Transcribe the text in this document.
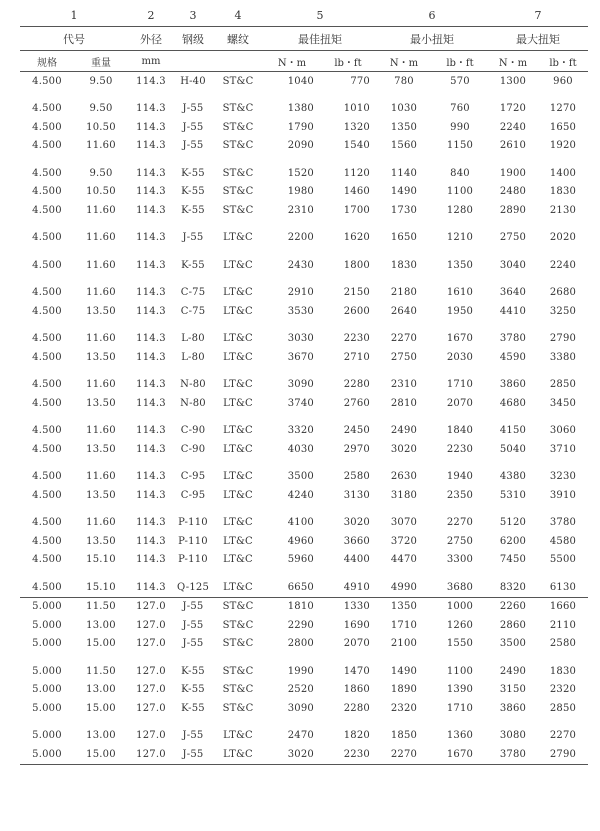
1		2	3	4	5		6		7	
代号		外径	钢级	螺纹	最佳扭矩		最小扭矩		最大扭矩	
规格	重量	mm			N・m	lb・ft	N・m	lb・ft	N・m	lb・ft
4.500	9.50	114.3	H-40	ST&C	1040	770	780	570	1300	960

4.500	9.50	114.3	J-55	ST&C	1380	1010	1030	760	1720	1270
4.500	10.50	114.3	J-55	ST&C	1790	1320	1350	990	2240	1650
4.500	11.60	114.3	J-55	ST&C	2090	1540	1560	1150	2610	1920

4.500	9.50	114.3	K-55	ST&C	1520	1120	1140	840	1900	1400
4.500	10.50	114.3	K-55	ST&C	1980	1460	1490	1100	2480	1830
4.500	11.60	114.3	K-55	ST&C	2310	1700	1730	1280	2890	2130

4.500	11.60	114.3	J-55	LT&C	2200	1620	1650	1210	2750	2020

4.500	11.60	114.3	K-55	LT&C	2430	1800	1830	1350	3040	2240

4.500	11.60	114.3	C-75	LT&C	2910	2150	2180	1610	3640	2680
4.500	13.50	114.3	C-75	LT&C	3530	2600	2640	1950	4410	3250

4.500	11.60	114.3	L-80	LT&C	3030	2230	2270	1670	3780	2790
4.500	13.50	114.3	L-80	LT&C	3670	2710	2750	2030	4590	3380

4.500	11.60	114.3	N-80	LT&C	3090	2280	2310	1710	3860	2850
4.500	13.50	114.3	N-80	LT&C	3740	2760	2810	2070	4680	3450

4.500	11.60	114.3	C-90	LT&C	3320	2450	2490	1840	4150	3060
4.500	13.50	114.3	C-90	LT&C	4030	2970	3020	2230	5040	3710

4.500	11.60	114.3	C-95	LT&C	3500	2580	2630	1940	4380	3230
4.500	13.50	114.3	C-95	LT&C	4240	3130	3180	2350	5310	3910

4.500	11.60	114.3	P-110	LT&C	4100	3020	3070	2270	5120	3780
4.500	13.50	114.3	P-110	LT&C	4960	3660	3720	2750	6200	4580
4.500	15.10	114.3	P-110	LT&C	5960	4400	4470	3300	7450	5500

4.500	15.10	114.3	Q-125	LT&C	6650	4910	4990	3680	8320	6130
5.000	11.50	127.0	J-55	ST&C	1810	1330	1350	1000	2260	1660
5.000	13.00	127.0	J-55	ST&C	2290	1690	1710	1260	2860	2110
5.000	15.00	127.0	J-55	ST&C	2800	2070	2100	1550	3500	2580

5.000	11.50	127.0	K-55	ST&C	1990	1470	1490	1100	2490	1830
5.000	13.00	127.0	K-55	ST&C	2520	1860	1890	1390	3150	2320
5.000	15.00	127.0	K-55	ST&C	3090	2280	2320	1710	3860	2850

5.000	13.00	127.0	J-55	LT&C	2470	1820	1850	1360	3080	2270
5.000	15.00	127.0	J-55	LT&C	3020	2230	2270	1670	3780	2790
